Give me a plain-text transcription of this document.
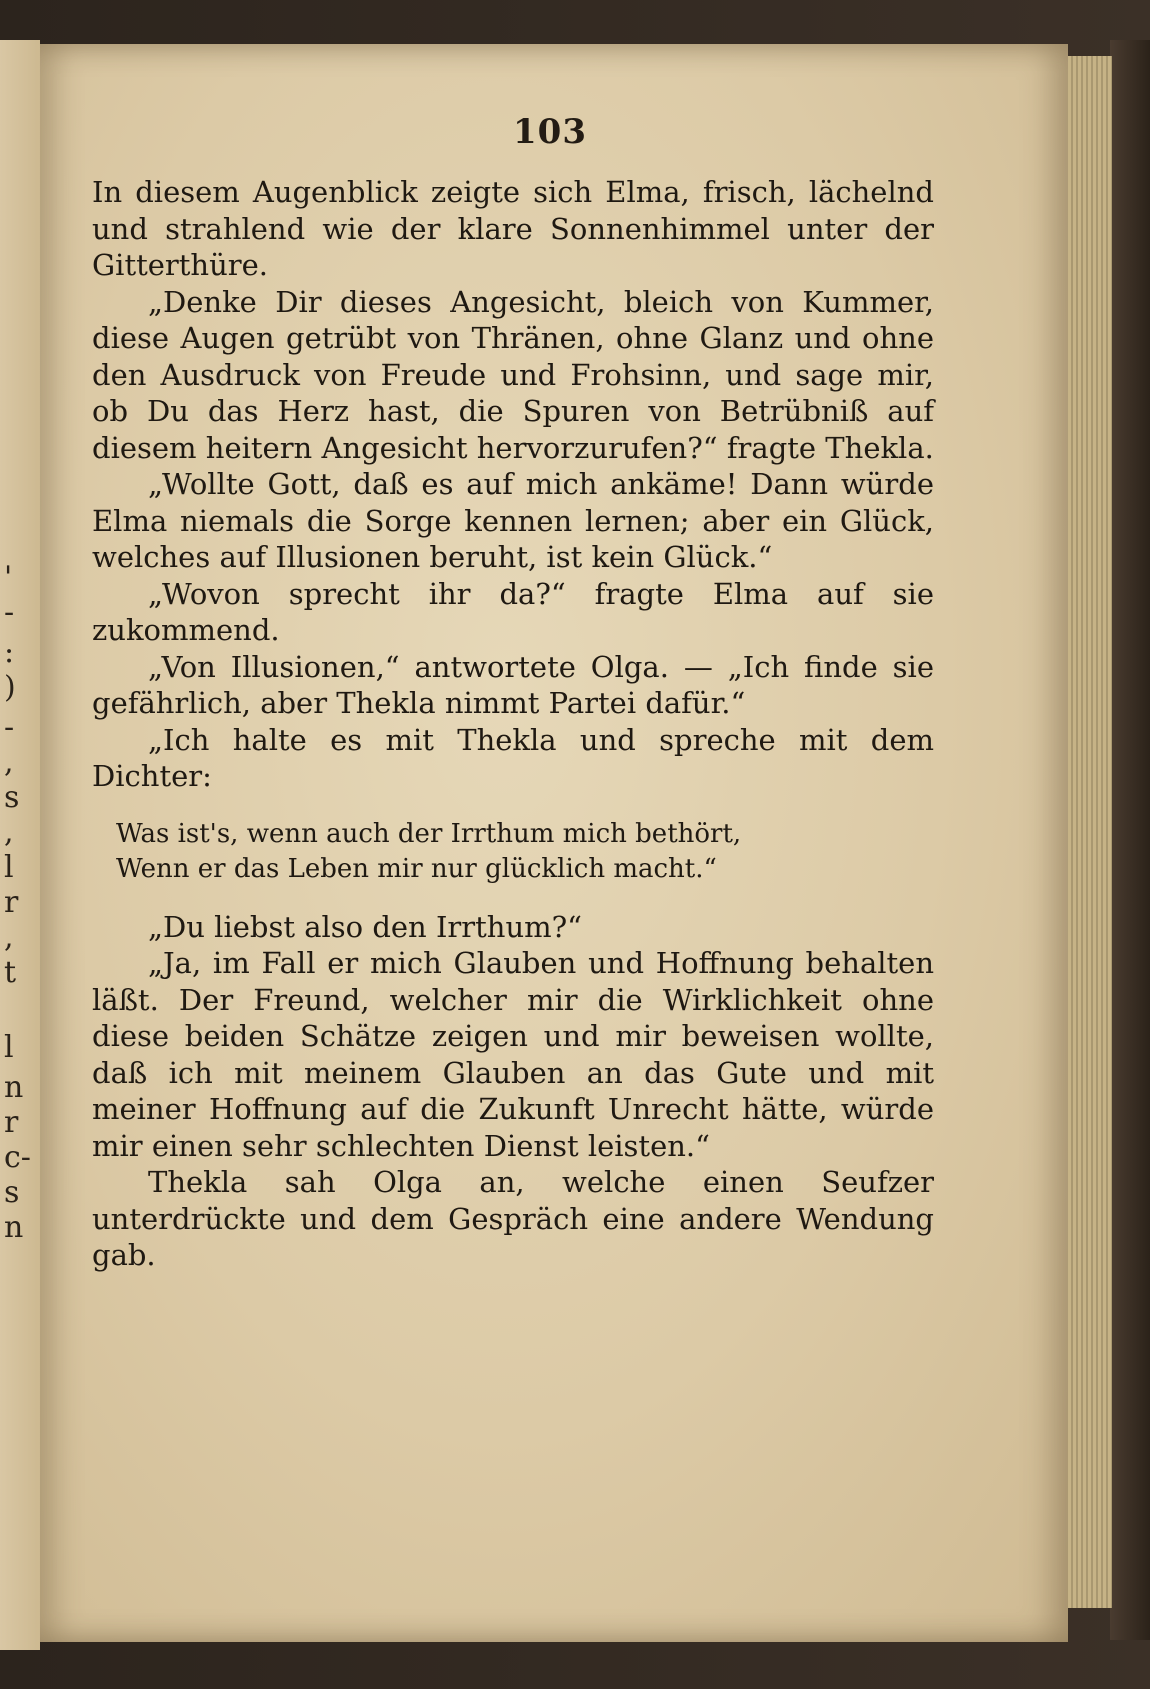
'
-
:
)
-
,
s
,
l
r
,
t
l
n
r
c-
s
n
103

In diesem Augenblick zeigte sich Elma, frisch, lächelnd und strahlend wie der klare Sonnenhimmel unter der Gitterthüre.

„Denke Dir dieses Angesicht, bleich von Kummer, diese Augen getrübt von Thränen, ohne Glanz und ohne den Ausdruck von Freude und Frohsinn, und sage mir, ob Du das Herz hast, die Spuren von Betrübniß auf diesem heitern Angesicht hervorzurufen?“ fragte Thekla.

„Wollte Gott, daß es auf mich ankäme! Dann würde Elma niemals die Sorge kennen lernen; aber ein Glück, welches auf Illusionen beruht, ist kein Glück.“

„Wovon sprecht ihr da?“ fragte Elma auf sie zukommend.

„Von Illusionen,“ antwortete Olga. — „Ich finde sie gefährlich, aber Thekla nimmt Partei dafür.“

„Ich halte es mit Thekla und spreche mit dem Dichter:

Was ist's, wenn auch der Irrthum mich bethört,
Wenn er das Leben mir nur glücklich macht.“

„Du liebst also den Irrthum?“

„Ja, im Fall er mich Glauben und Hoffnung behalten läßt. Der Freund, welcher mir die Wirklichkeit ohne diese beiden Schätze zeigen und mir beweisen wollte, daß ich mit meinem Glauben an das Gute und mit meiner Hoffnung auf die Zukunft Unrecht hätte, würde mir einen sehr schlechten Dienst leisten.“

Thekla sah Olga an, welche einen Seufzer unterdrückte und dem Gespräch eine andere Wendung gab.
